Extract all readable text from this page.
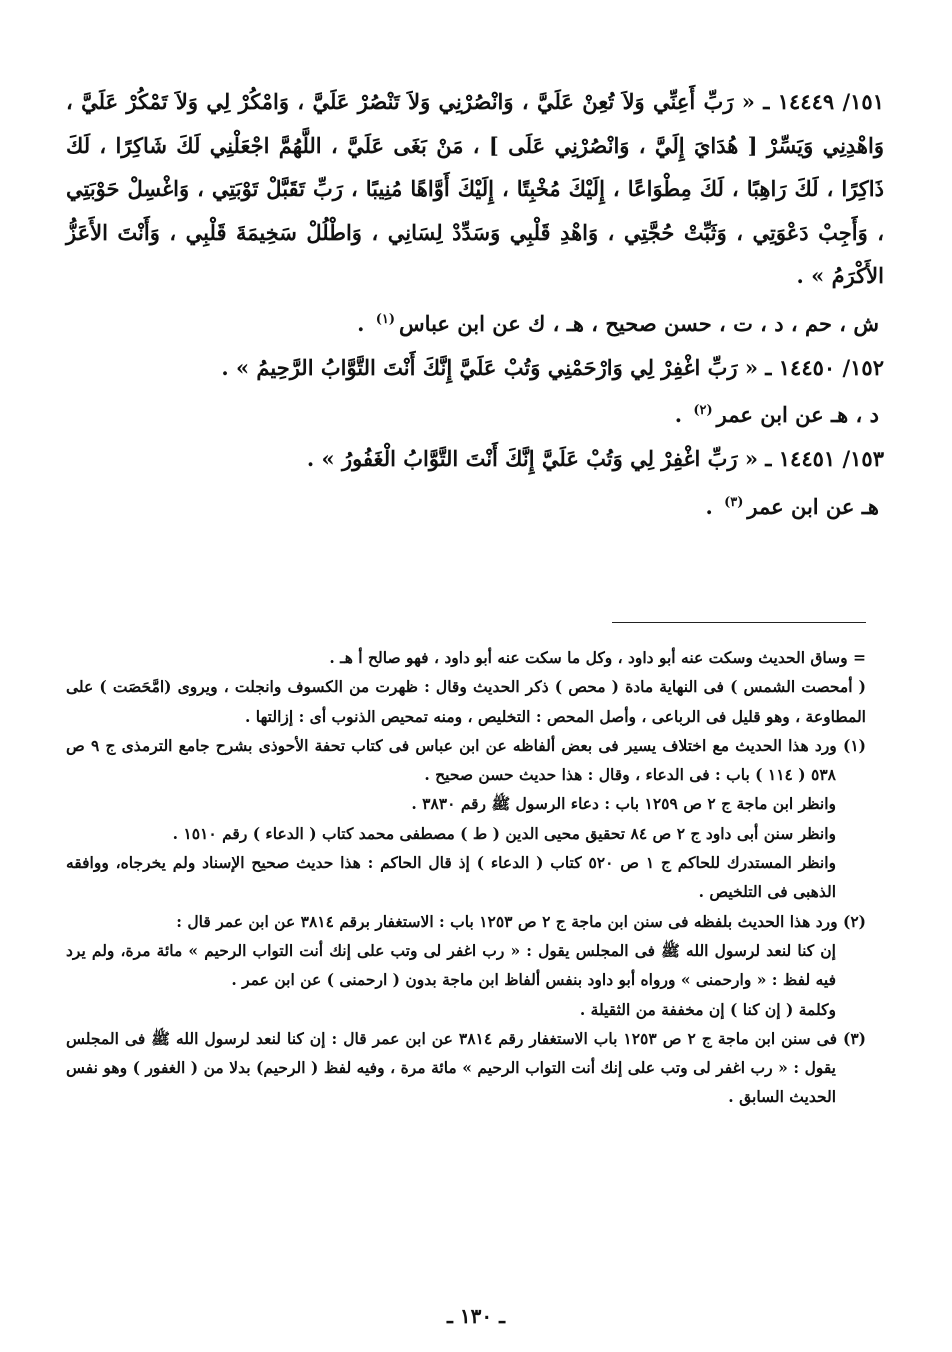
١٥١/ ١٤٤٤٩ ـ « رَبِّ أَعِنِّي وَلاَ تُعِنْ عَلَيَّ ، وَانْصُرْنِي وَلاَ تَنْصُرْ عَلَيَّ ، وَامْكُرْ لِي وَلاَ تَمْكُرْ عَلَيَّ ، وَاهْدِنِي وَيَسِّرْ [ هُدَايَ إِلَيَّ ، وَانْصُرْنِي عَلَى ] ، مَنْ بَغَى عَلَيَّ ، اللَّهُمَّ اجْعَلْنِي لَكَ شَاكِرًا ، لَكَ ذَاكِرًا ، لَكَ رَاهِبًا ، لَكَ مِطْوَاعًا ، إِلَيْكَ مُخْبِتًا ، إِلَيْكَ أَوَّاهًا مُنِيبًا ، رَبِّ تَقَبَّلْ تَوْبَتِي ، وَاغْسِلْ حَوْبَتِي ، وَأَجِبْ دَعْوَتِي ، وَثَبِّتْ حُجَّتِي ، وَاهْدِ قَلْبِي وَسَدِّدْ لِسَانِي ، وَاطْلُلْ سَخِيمَةَ قَلْبِي ، وَأَنْتَ الأَعَزُّ الأَكْرَمُ » .

ش ، حم ، د ، ت ، حسن صحيح ، هـ ، ك عن ابن عباس$^{(١)}$ .

١٥٢/ ١٤٤٥٠ ـ « رَبِّ اغْفِرْ لِي وَارْحَمْنِي وَتُبْ عَلَيَّ إِنَّكَ أَنْتَ التَّوَّابُ الرَّحِيمُ » .

د ، هـ عن ابن عمر$^{(٢)}$ .

١٥٣/ ١٤٤٥١ ـ « رَبِّ اغْفِرْ لِي وَتُبْ عَلَيَّ إِنَّكَ أَنْتَ التَّوَّابُ الْغَفُورُ » .

هـ عن ابن عمر$^{(٣)}$ .

= وساق الحديث وسكت عنه أبو داود ، وكل ما سكت عنه أبو داود ، فهو صالح أ هـ .

( أمحصت الشمس ) فى النهاية مادة ( محص ) ذكر الحديث وقال : ظهرت من الكسوف وانجلت ، ويروى (امَّحَصَت ) على المطاوعة ، وهو قليل فى الرباعى ، وأصل المحص : التخليص ، ومنه تمحيص الذنوب أى : إزالتها .

(١) ورد هذا الحديث مع اختلاف يسير فى بعض ألفاظه عن ابن عباس فى كتاب تحفة الأحوذى بشرح جامع الترمذى ج ٩ ص ٥٣٨ ( ١١٤ ) باب : فى الدعاء ، وقال : هذا حديث حسن صحيح .

وانظر ابن ماجة ج ٢ ص ١٢٥٩ باب : دعاء الرسول ﷺ رقم ٣٨٣٠ .

وانظر سنن أبى داود ج ٢ ص ٨٤ تحقيق محيى الدين ( ط ) مصطفى محمد كتاب ( الدعاء ) رقم ١٥١٠ .

وانظر المستدرك للحاكم ج ١ ص ٥٢٠ كتاب ( الدعاء ) إذ قال الحاكم : هذا حديث صحيح الإسناد ولم يخرجاه، ووافقه الذهبى فى التلخيص .

(٢) ورد هذا الحديث بلفظه فى سنن ابن ماجة ج ٢ ص ١٢٥٣ باب : الاستغفار برقم ٣٨١٤ عن ابن عمر قال :

إن كنا لنعد لرسول الله ﷺ فى المجلس يقول : « رب اغفر لى وتب على إنك أنت التواب الرحيم » مائة مرة، ولم يرد فيه لفظ : « وارحمنى » ورواه أبو داود بنفس ألفاظ ابن ماجة بدون ( ارحمنى ) عن ابن عمر .

وكلمة ( إن كنا ) إن مخففة من الثقيلة .

(٣) فى سنن ابن ماجة ج ٢ ص ١٢٥٣ باب الاستغفار رقم ٣٨١٤ عن ابن عمر قال : إن كنا لنعد لرسول الله ﷺ فى المجلس يقول : « رب اغفر لى وتب على إنك أنت التواب الرحيم » مائة مرة ، وفيه لفظ ( الرحيم) بدلا من ( الغفور ) وهو نفس الحديث السابق .

ـ ١٣٠ ـ
